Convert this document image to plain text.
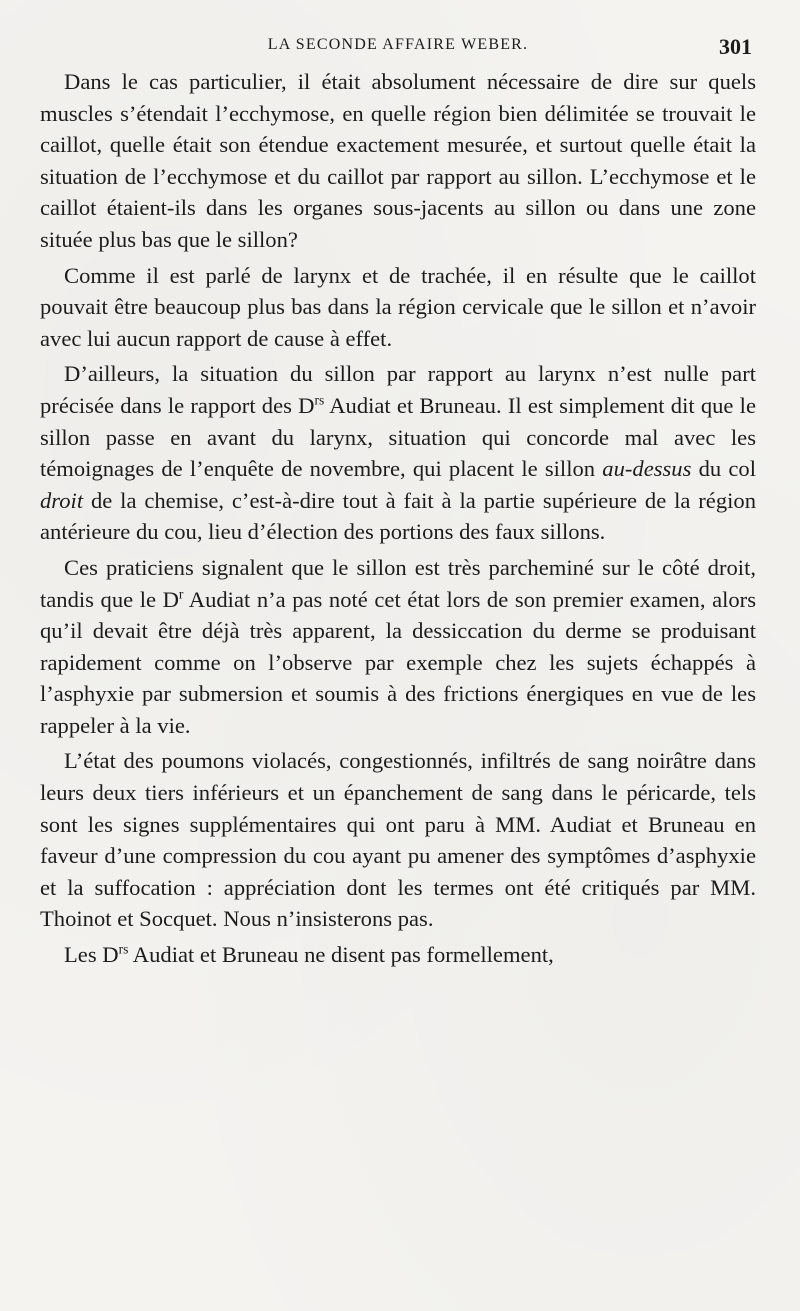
LA SECONDE AFFAIRE WEBER.	301

Dans le cas particulier, il était absolument nécessaire de dire sur quels muscles s’étendait l’ecchymose, en quelle région bien délimitée se trouvait le caillot, quelle était son étendue exactement mesurée, et surtout quelle était la situation de l’ecchymose et du caillot par rapport au sillon. L’ecchymose et le caillot étaient-ils dans les organes sous-jacents au sillon ou dans une zone située plus bas que le sillon?

Comme il est parlé de larynx et de trachée, il en résulte que le caillot pouvait être beaucoup plus bas dans la région cervicale que le sillon et n’avoir avec lui aucun rapport de cause à effet.

D’ailleurs, la situation du sillon par rapport au larynx n’est nulle part précisée dans le rapport des $D^{rs}$ Audiat et Bruneau. Il est simplement dit que le sillon passe en avant du larynx, situation qui concorde mal avec les témoignages de l’enquête de novembre, qui placent le sillon au-dessus du col droit de la chemise, c’est-à-dire tout à fait à la partie supérieure de la région antérieure du cou, lieu d’élection des portions des faux sillons.

Ces praticiens signalent que le sillon est très parcheminé sur le côté droit, tandis que le $D^r$ Audiat n’a pas noté cet état lors de son premier examen, alors qu’il devait être déjà très apparent, la dessiccation du derme se produisant rapidement comme on l’observe par exemple chez les sujets échappés à l’asphyxie par submersion et soumis à des frictions énergiques en vue de les rappeler à la vie.

L’état des poumons violacés, congestionnés, infiltrés de sang noirâtre dans leurs deux tiers inférieurs et un épanchement de sang dans le péricarde, tels sont les signes supplémentaires qui ont paru à MM. Audiat et Bruneau en faveur d’une compression du cou ayant pu amener des symptômes d’asphyxie et la suffocation : appréciation dont les termes ont été critiqués par MM. Thoinot et Socquet. Nous n’insisterons pas.

Les $D^{rs}$ Audiat et Bruneau ne disent pas formellement,
